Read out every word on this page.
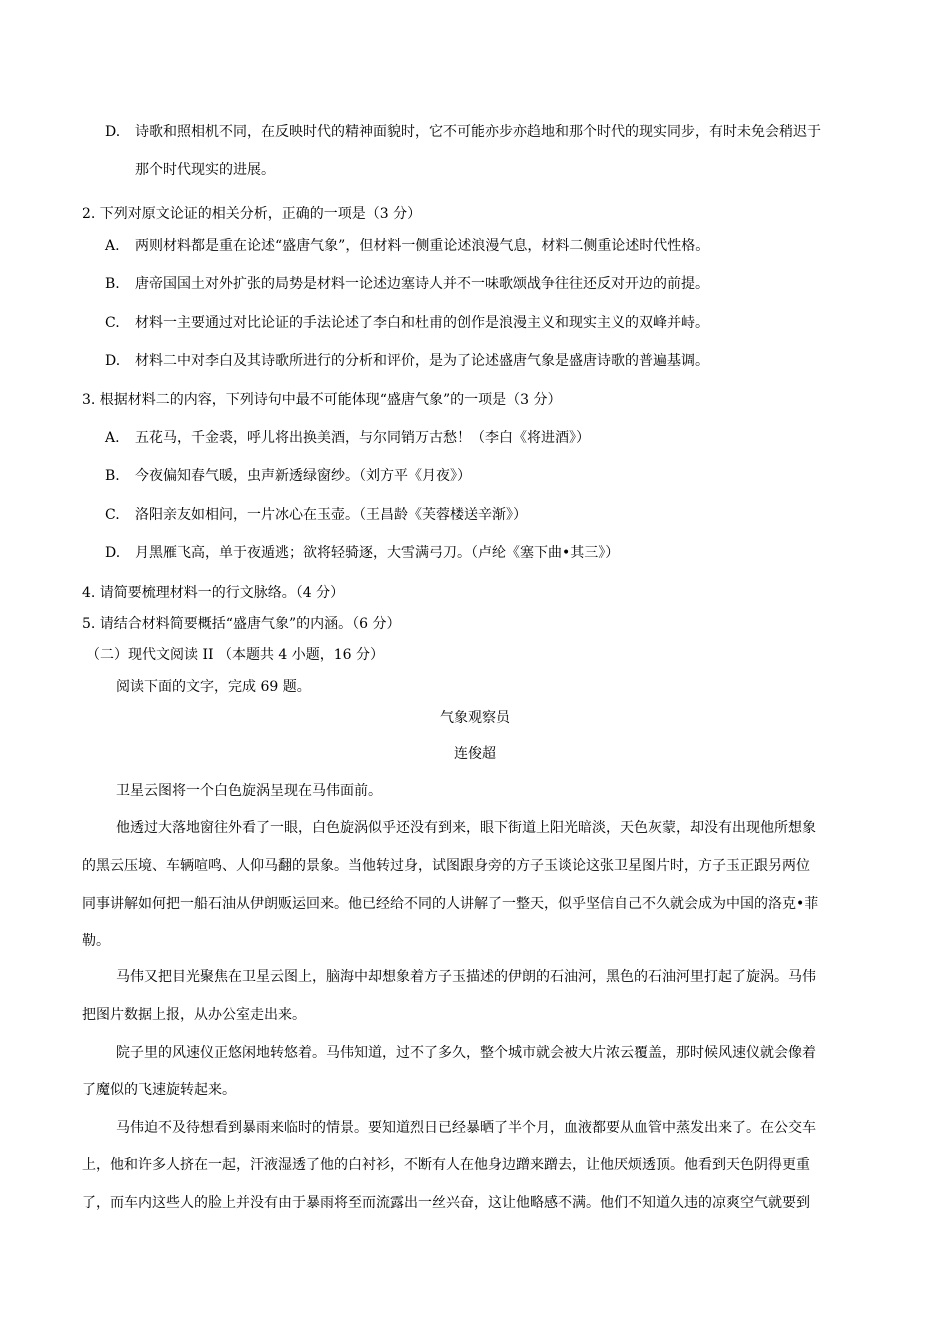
D. 诗歌和照相机不同，在反映时代的精神面貌时，它不可能亦步亦趋地和那个时代的现实同步，有时未免会稍迟于
那个时代现实的进展。
2. 下列对原文论证的相关分析，正确的一项是（3 分）
A. 两则材料都是重在论述“盛唐气象”，但材料一侧重论述浪漫气息，材料二侧重论述时代性格。
B. 唐帝国国土对外扩张的局势是材料一论述边塞诗人并不一味歌颂战争往往还反对开边的前提。
C. 材料一主要通过对比论证的手法论述了李白和杜甫的创作是浪漫主义和现实主义的双峰并峙。
D. 材料二中对李白及其诗歌所进行的分析和评价，是为了论述盛唐气象是盛唐诗歌的普遍基调。
3. 根据材料二的内容，下列诗句中最不可能体现“盛唐气象”的一项是（3 分）
A. 五花马，千金裘，呼儿将出换美酒，与尔同销万古愁！（李白《将进酒》）
B. 今夜偏知春气暖，虫声新透绿窗纱。（刘方平《月夜》）
C. 洛阳亲友如相问，一片冰心在玉壶。（王昌龄《芙蓉楼送辛渐》）
D. 月黑雁飞高，单于夜遁逃；欲将轻骑逐，大雪满弓刀。（卢纶《塞下曲•其三》）
4. 请简要梳理材料一的行文脉络。（4 分）
5. 请结合材料简要概括“盛唐气象”的内涵。（6 分）
（二）现代文阅读 II （本题共 4 小题，16 分）
阅读下面的文字，完成 69 题。
气象观察员
连俊超
卫星云图将一个白色旋涡呈现在马伟面前。
他透过大落地窗往外看了一眼，白色旋涡似乎还没有到来，眼下街道上阳光暗淡，天色灰蒙，却没有出现他所想象
的黑云压境、车辆喧鸣、人仰马翻的景象。当他转过身，试图跟身旁的方子玉谈论这张卫星图片时，方子玉正跟另两位
同事讲解如何把一船石油从伊朗贩运回来。他已经给不同的人讲解了一整天，似乎坚信自己不久就会成为中国的洛克•菲
勒。
马伟又把目光聚焦在卫星云图上，脑海中却想象着方子玉描述的伊朗的石油河，黑色的石油河里打起了旋涡。马伟
把图片数据上报，从办公室走出来。
院子里的风速仪正悠闲地转悠着。马伟知道，过不了多久，整个城市就会被大片浓云覆盖，那时候风速仪就会像着
了魔似的飞速旋转起来。
马伟迫不及待想看到暴雨来临时的情景。要知道烈日已经暴晒了半个月，血液都要从血管中蒸发出来了。在公交车
上，他和许多人挤在一起，汗液湿透了他的白衬衫，不断有人在他身边蹭来蹭去，让他厌烦透顶。他看到天色阴得更重
了，而车内这些人的脸上并没有由于暴雨将至而流露出一丝兴奋，这让他略感不满。他们不知道久违的凉爽空气就要到
